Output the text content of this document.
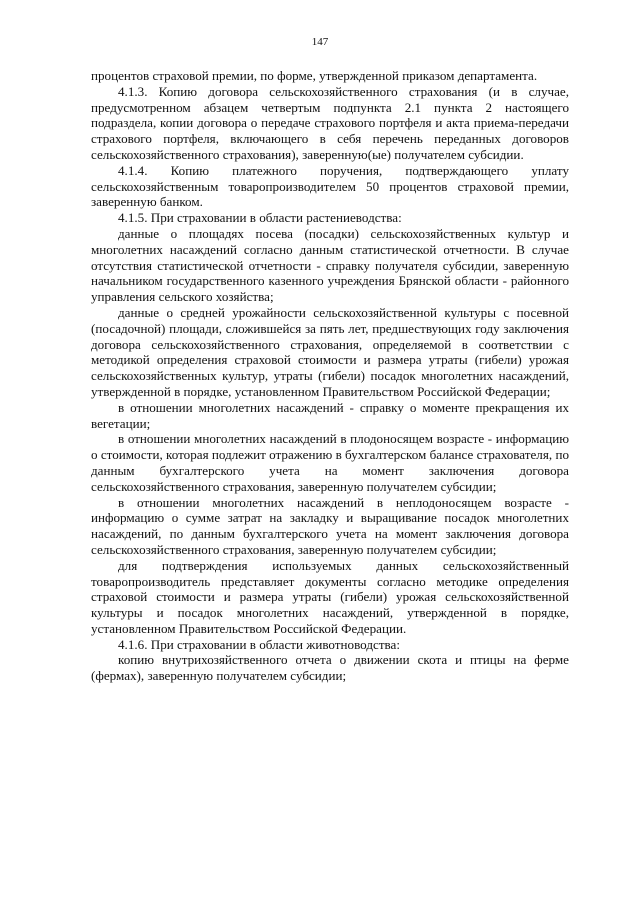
147

процентов страховой премии, по форме, утвержденной приказом департамента.

4.1.3. Копию договора сельскохозяйственного страхования (и в случае, предусмотренном абзацем четвертым подпункта 2.1 пункта 2 настоящего подраздела, копии договора о передаче страхового портфеля и акта приема-передачи страхового портфеля, включающего в себя перечень переданных договоров сельскохозяйственного страхования), заверенную(ые) получателем субсидии.

4.1.4. Копию платежного поручения, подтверждающего уплату сельскохозяйственным товаропроизводителем 50 процентов страховой премии, заверенную банком.

4.1.5. При страховании в области растениеводства:

данные о площадях посева (посадки) сельскохозяйственных культур и многолетних насаждений согласно данным статистической отчетности. В случае отсутствия статистической отчетности - справку получателя субсидии, заверенную начальником государственного казенного учреждения Брянской области - районного управления сельского хозяйства;

данные о средней урожайности сельскохозяйственной культуры с посевной (посадочной) площади, сложившейся за пять лет, предшествующих году заключения договора сельскохозяйственного страхования, определяемой в соответствии с методикой определения страховой стоимости и размера утраты (гибели) урожая сельскохозяйственных культур, утраты (гибели) посадок многолетних насаждений, утвержденной в порядке, установленном Правительством Российской Федерации;

в отношении многолетних насаждений - справку о моменте прекращения их вегетации;

в отношении многолетних насаждений в плодоносящем возрасте - информацию о стоимости, которая подлежит отражению в бухгалтерском балансе страхователя, по данным бухгалтерского учета на момент заключения договора сельскохозяйственного страхования, заверенную получателем субсидии;

в отношении многолетних насаждений в неплодоносящем возрасте - информацию о сумме затрат на закладку и выращивание посадок многолетних насаждений, по данным бухгалтерского учета на момент заключения договора сельскохозяйственного страхования, заверенную получателем субсидии;

для подтверждения используемых данных сельскохозяйственный товаропроизводитель представляет документы согласно методике определения страховой стоимости и размера утраты (гибели) урожая сельскохозяйственной культуры и посадок многолетних насаждений, утвержденной в порядке, установленном Правительством Российской Федерации.

4.1.6. При страховании в области животноводства:

копию внутрихозяйственного отчета о движении скота и птицы на ферме (фермах), заверенную получателем субсидии;
